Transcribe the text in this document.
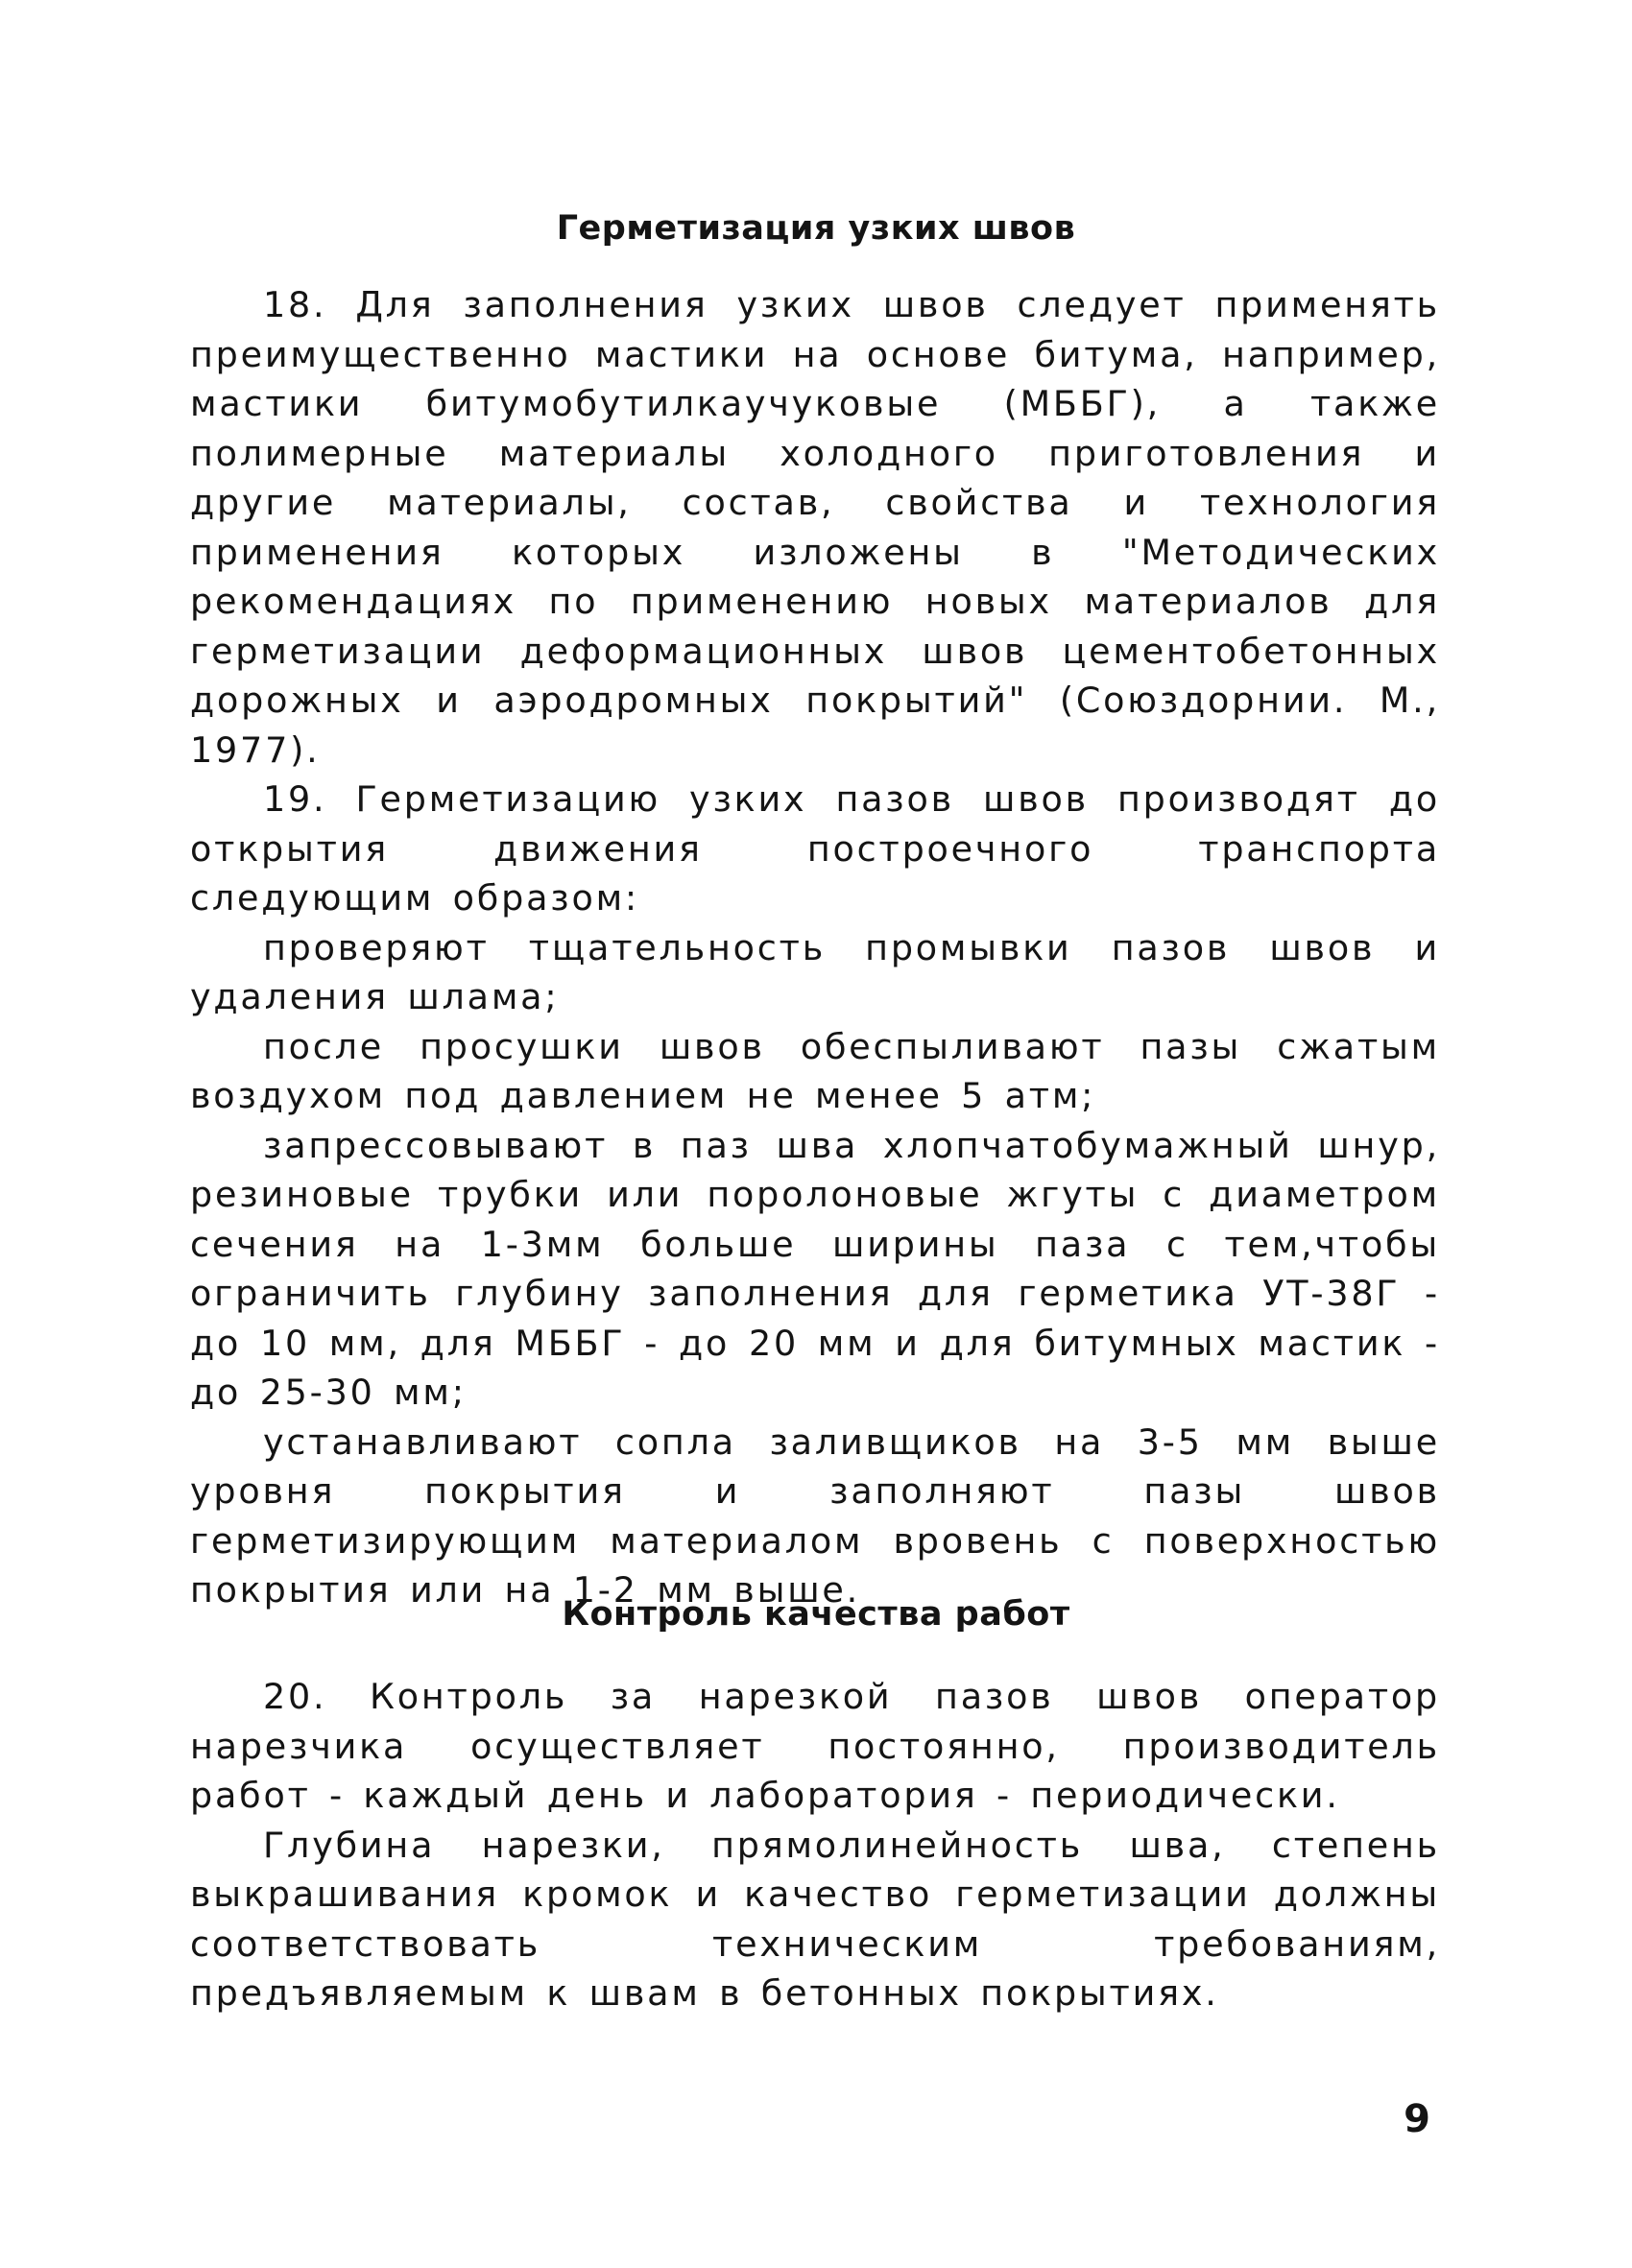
Герметизация узких швов

18. Для заполнения узких швов следует применять преимущественно мастики на основе битума, например, мастики битумобутилкаучуковые (МББГ), а также полимерные материалы холодного приготовления и другие материалы, состав, свойства и технология применения которых изложены в "Методических рекомендациях по применению новых материалов для герметизации деформационных швов цементобетонных дорожных и аэродромных покрытий" (Союздорнии. М., 1977).

19. Герметизацию узких пазов швов производят до открытия движения построечного транспорта следующим образом:

проверяют тщательность промывки пазов швов и удаления шлама;

после просушки швов обеспыливают пазы сжатым воздухом под давлением не менее 5 атм;

запрессовывают в паз шва хлопчатобумажный шнур, резиновые трубки или поролоновые жгуты с диаметром сечения на 1-3мм больше ширины паза с тем,чтобы ограничить глубину заполнения для герметика УТ-38Г - до 10 мм, для МББГ - до 20 мм и для битумных мастик - до 25-30 мм;

устанавливают сопла заливщиков на 3-5 мм выше уровня покрытия и заполняют пазы швов герметизирующим материалом вровень с поверхностью покрытия или на 1-2 мм выше.

Контроль качества работ

20. Контроль за нарезкой пазов швов оператор нарезчика осуществляет постоянно, производитель работ - каждый день и лаборатория - периодически.

Глубина нарезки, прямолинейность шва, степень выкрашивания кромок и качество герметизации должны соответствовать техническим требованиям, предъявляемым к швам в бетонных покрытиях.

9
